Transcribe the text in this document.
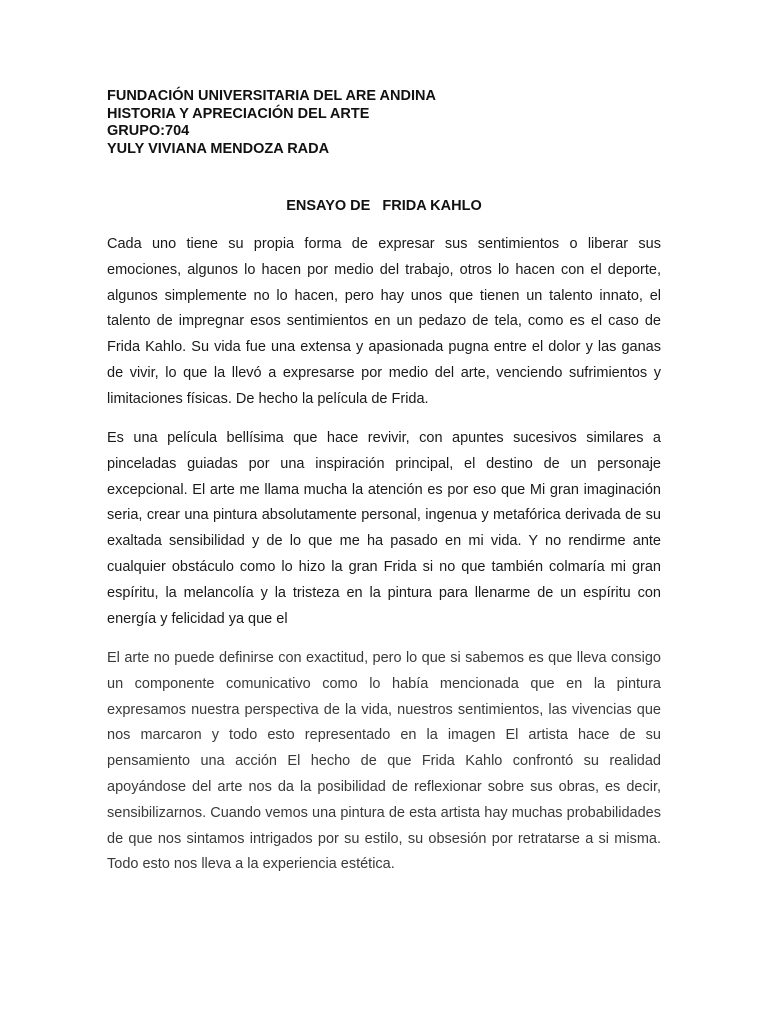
FUNDACIÓN UNIVERSITARIA DEL ARE ANDINA
HISTORIA Y APRECIACIÓN DEL ARTE
GRUPO:704
YULY VIVIANA MENDOZA RADA
ENSAYO DE   FRIDA KAHLO

Cada uno tiene su propia forma de expresar sus sentimientos o liberar sus emociones, algunos lo hacen por medio del trabajo, otros lo hacen con el deporte, algunos simplemente no lo hacen, pero hay unos que tienen un talento innato, el talento de impregnar esos sentimientos en un pedazo de tela, como es el caso de Frida Kahlo. Su vida fue una extensa y apasionada pugna entre el dolor y las ganas de vivir, lo que la llevó a expresarse por medio del arte, venciendo sufrimientos y limitaciones físicas. De hecho la película de Frida.

Es una película bellísima que hace revivir, con apuntes sucesivos similares a pinceladas guiadas por una inspiración principal, el destino de un personaje excepcional. El arte me llama mucha la atención es por eso que Mi gran imaginación seria, crear una pintura absolutamente personal, ingenua y metafórica derivada de su exaltada sensibilidad y de lo que me ha pasado en mi vida. Y no rendirme ante cualquier obstáculo como lo hizo la gran Frida si no que también colmaría mi gran espíritu, la melancolía y la tristeza en la pintura para llenarme de un espíritu con energía y felicidad ya que el

El arte no puede definirse con exactitud, pero lo que si sabemos es que lleva consigo un componente comunicativo como lo había mencionada que en la pintura expresamos nuestra perspectiva de la vida, nuestros sentimientos, las vivencias que nos marcaron y todo esto representado en la imagen El artista hace de su pensamiento una acción El hecho de que Frida Kahlo confrontó su realidad apoyándose del arte nos da la posibilidad de reflexionar sobre sus obras, es decir, sensibilizarnos. Cuando vemos una pintura de esta artista hay muchas probabilidades de que nos sintamos intrigados por su estilo, su obsesión por retratarse a si misma. Todo esto nos lleva a la experiencia estética.
